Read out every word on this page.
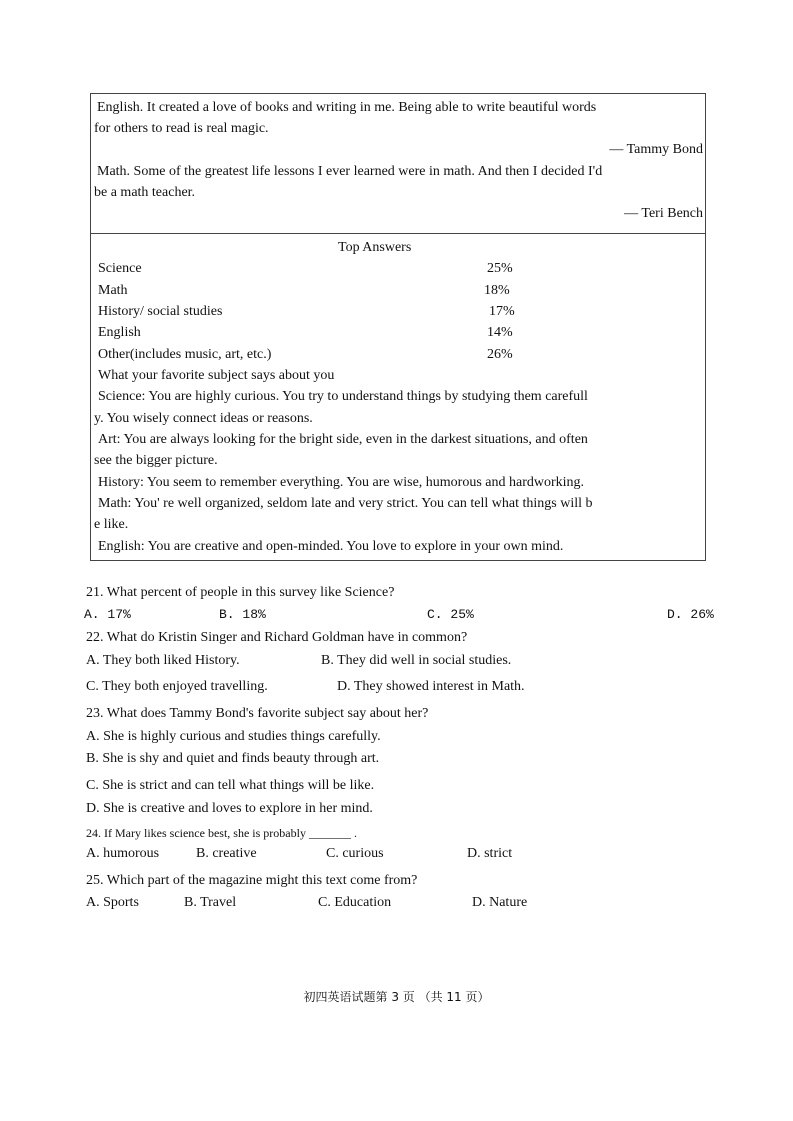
English. It created a love of books and writing in me. Being able to write beautiful words
for others to read is real magic.
— Tammy Bond
Math. Some of the greatest life lessons I ever learned were in math. And then I decided I'd
be a math teacher.
— Teri Bench
Top Answers
Science	25%
Math	18%
History/ social studies	17%
English	14%
Other(includes music, art, etc.)	26%
What your favorite subject says about you
Science: You are highly curious. You try to understand things by studying them carefull
y. You wisely connect ideas or reasons.
Art: You are always looking for the bright side, even in the darkest situations, and often
see the bigger picture.
History: You seem to remember everything. You are wise, humorous and hardworking.
Math: You' re well organized, seldom late and very strict. You can tell what things will b
e like.
English: You are creative and open-minded. You love to explore in your own mind.
21. What percent of people in this survey like Science?
A. 17%	B. 18%	C. 25%	D. 26%
22. What do Kristin Singer and Richard Goldman have in common?
A. They both liked History.	B. They did well in social studies.
C. They both enjoyed travelling.	D. They showed interest in Math.
23. What does Tammy Bond's favorite subject say about her?
A. She is highly curious and studies things carefully.
B. She is shy and quiet and finds beauty through art.
C. She is strict and can tell what things will be like.
D. She is creative and loves to explore in her mind.
24. If Mary likes science best, she is probably _______ .
A. humorous	B. creative	C. curious	D. strict
25. Which part of the magazine might this text come from?
A. Sports	B. Travel	C. Education	D. Nature
初四英语试题第 3 页 （共 11 页）
